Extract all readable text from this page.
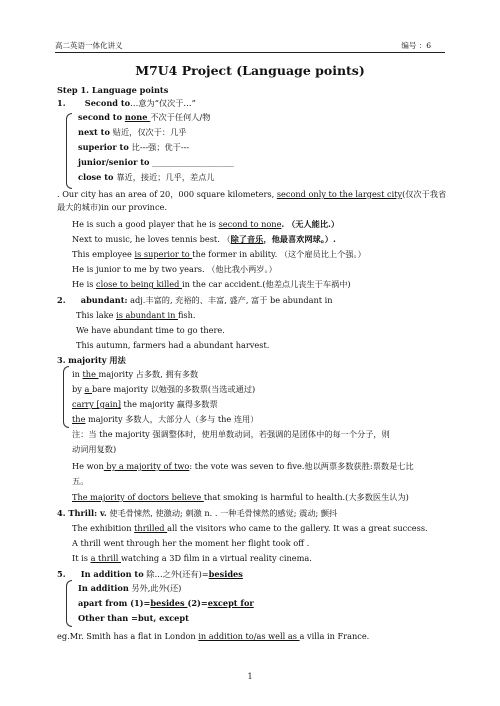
高二英语一体化讲义	编号 ：6
M7U4 Project (Language points)
Step 1. Language points
1. Second to…意为“仅次于…”
second to none 不次于任何人/物
next to 贴近，仅次于：几乎
superior to 比---强；优于---
junior/senior to ____________________
close to 靠近，接近；几乎，差点儿
. Our city has an area of 20，000 square kilometers, second only to the largest city(仅次于我省
最大的城市)in our province.
He is such a good player that he is second to none. （无人能比.）
Next to music, he loves tennis best. （除了音乐，他最喜欢网球。）.
This employee is superior to the former in ability. （这个雇员比上个强。）
He is junior to me by two years. （他比我小两岁。）
He is close to being killed in the car accident.(他差点儿丧生于车祸中)
2. abundant: adj.丰富的, 充裕的、丰富, 盛产, 富于 be abundant in
This lake is abundant in fish.
We have abundant time to go there.
This autumn, farmers had a abundant harvest.
3. majority 用法
in the majority 占多数, 拥有多数
by a bare majority 以勉强的多数票(当选或通过)
carry [gain] the majority 赢得多数票
the majority 多数人，大部分人（多与 the 连用）
注：当 the majority 强调整体时，使用单数动词，若强调的是团体中的每一个分子，则
动词用复数)
He won by a majority of two: the vote was seven to five.他以两票多数获胜:票数是七比
五。
The majority of doctors believe that smoking is harmful to health.(大多数医生认为)
4. Thrill: v. 使毛骨悚然, 使激动; 刺激 n. . 一种毛骨悚然的感觉; 震动; 颤抖
The exhibition thrilled all the visitors who came to the gallery. It was a great success.
A thrill went through her the moment her flight took off .
It is a thrill watching a 3D film in a virtual reality cinema.
5. In addition to 除…之外(还有)=besides
In addition 另外,此外(还)
apart from (1)=besides (2)=except for
Other than =but, except
eg.Mr. Smith has a flat in London in addition to/as well as a villa in France.
1
